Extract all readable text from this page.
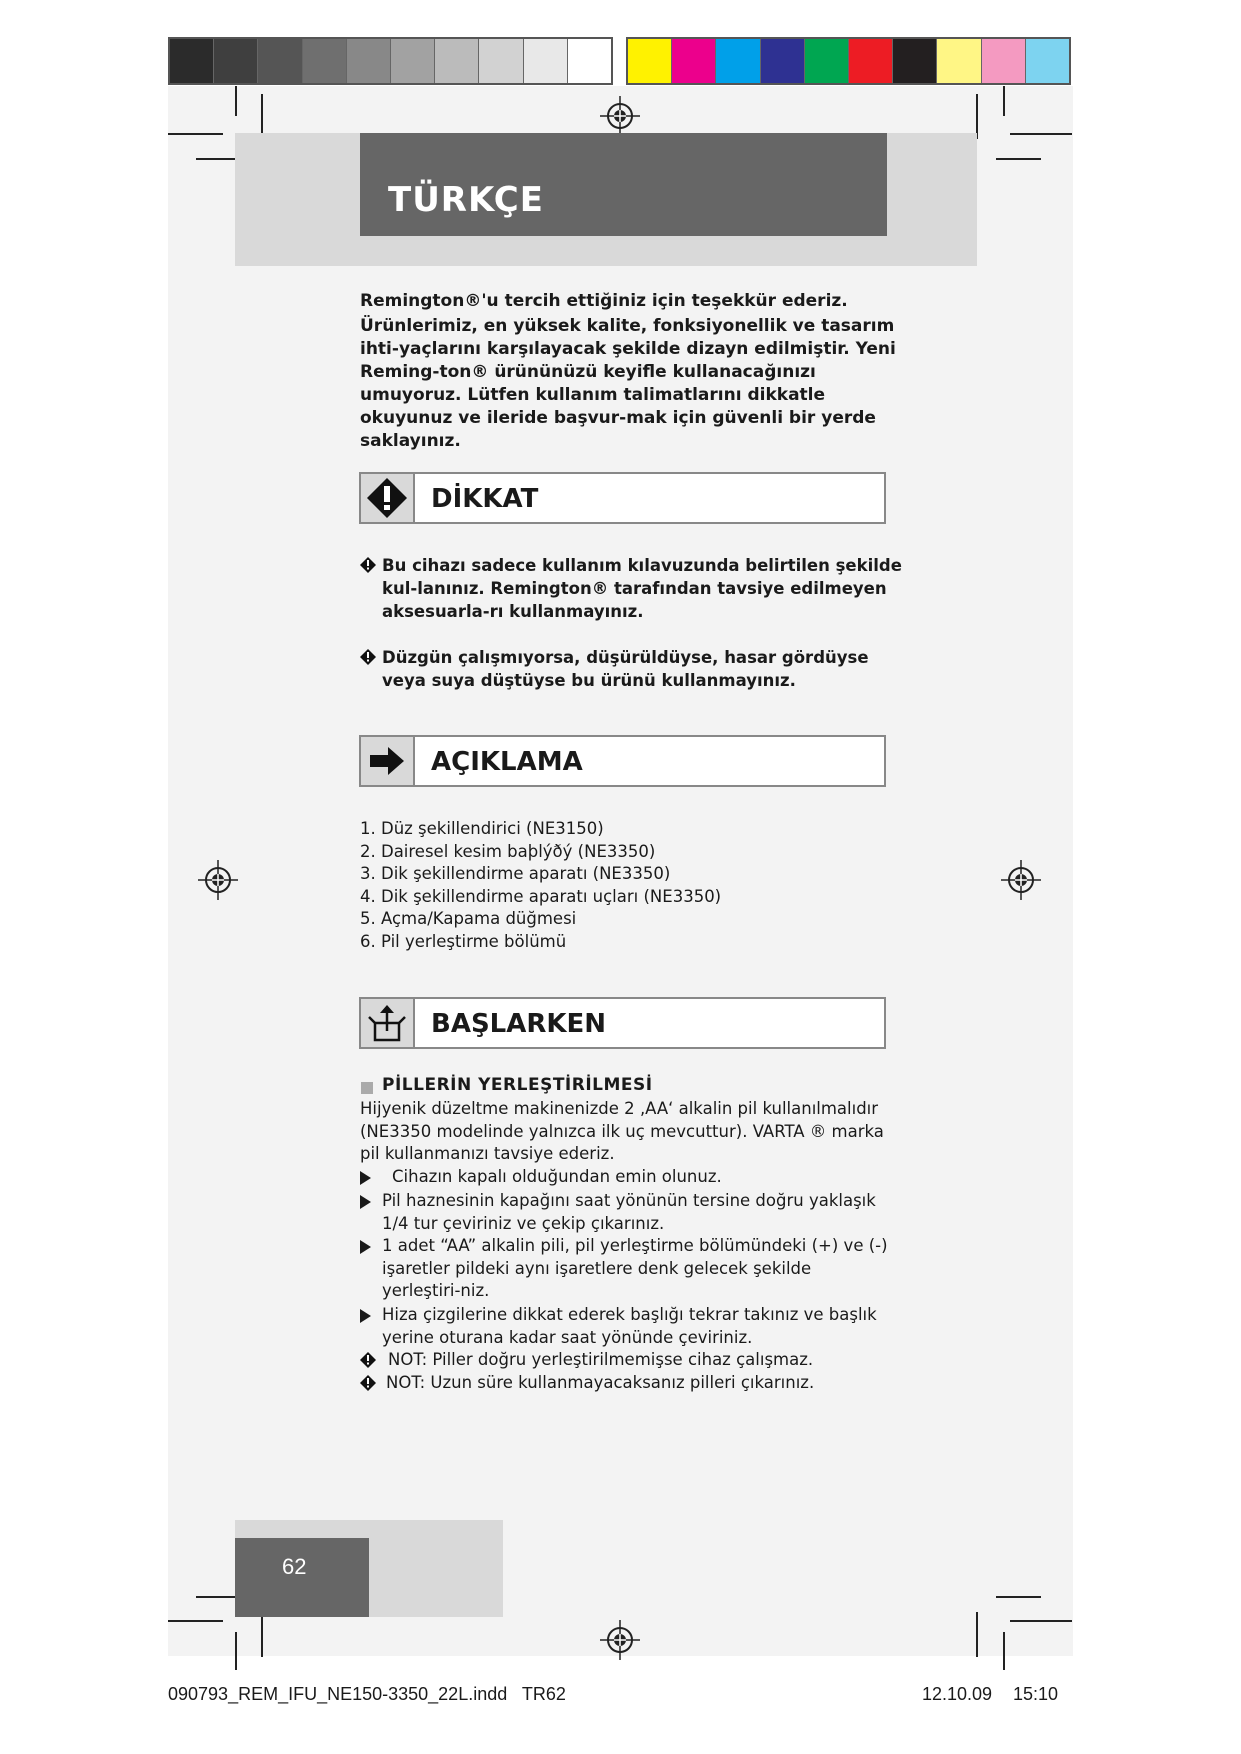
TÜRKÇE

Remington®'u tercih ettiğiniz için teşekkür ederiz.

Ürünlerimiz, en yüksek kalite, fonksiyonellik ve tasarım ihti-yaçlarını karşılayacak şekilde dizayn edilmiştir. Yeni Reming-ton® ürününüzü keyifle kullanacağınızı umuyoruz. Lütfen kullanım talimatlarını dikkatle okuyunuz ve ileride başvur-mak için güvenli bir yerde saklayınız.

DİKKAT
Bu cihazı sadece kullanım kılavuzunda belirtilen şekilde kul-lanınız. Remington® tarafından tavsiye edilmeyen aksesuarla-rı kullanmayınız.
Düzgün çalışmıyorsa, düşürüldüyse, hasar gördüyse veya suya düştüyse bu ürünü kullanmayınız.
AÇIKLAMA
1. Düz şekillendirici (NE3150)
2. Dairesel kesim baþlýðý (NE3350)
3. Dik şekillendirme aparatı (NE3350)
4. Dik şekillendirme aparatı uçları (NE3350)
5. Açma/Kapama düğmesi
6. Pil yerleştirme bölümü
BAŞLARKEN
PİLLERİN YERLEŞTİRİLMESİ
Hijyenik düzeltme makinenizde 2 ‚AA‘ alkalin pil kullanılmalıdır (NE3350 modelinde yalnızca ilk uç mevcuttur). VARTA ® marka pil kullanmanızı tavsiye ederiz.
Cihazın kapalı olduğundan emin olunuz.
Pil haznesinin kapağını saat yönünün tersine doğru yaklaşık 1/4 tur çeviriniz ve çekip çıkarınız.
1 adet “AA” alkalin pili, pil yerleştirme bölümündeki (+) ve (-) işaretler pildeki aynı işaretlere denk gelecek şekilde yerleştiri-niz.
Hiza çizgilerine dikkat ederek başlığı tekrar takınız ve başlık yerine oturana kadar saat yönünde çeviriniz.
NOT: Piller doğru yerleştirilmemişse cihaz çalışmaz.
NOT: Uzun süre kullanmayacaksanız pilleri çıkarınız.
62
090793_REM_IFU_NE150-3350_22L.indd   TR62	12.10.09 15:10
